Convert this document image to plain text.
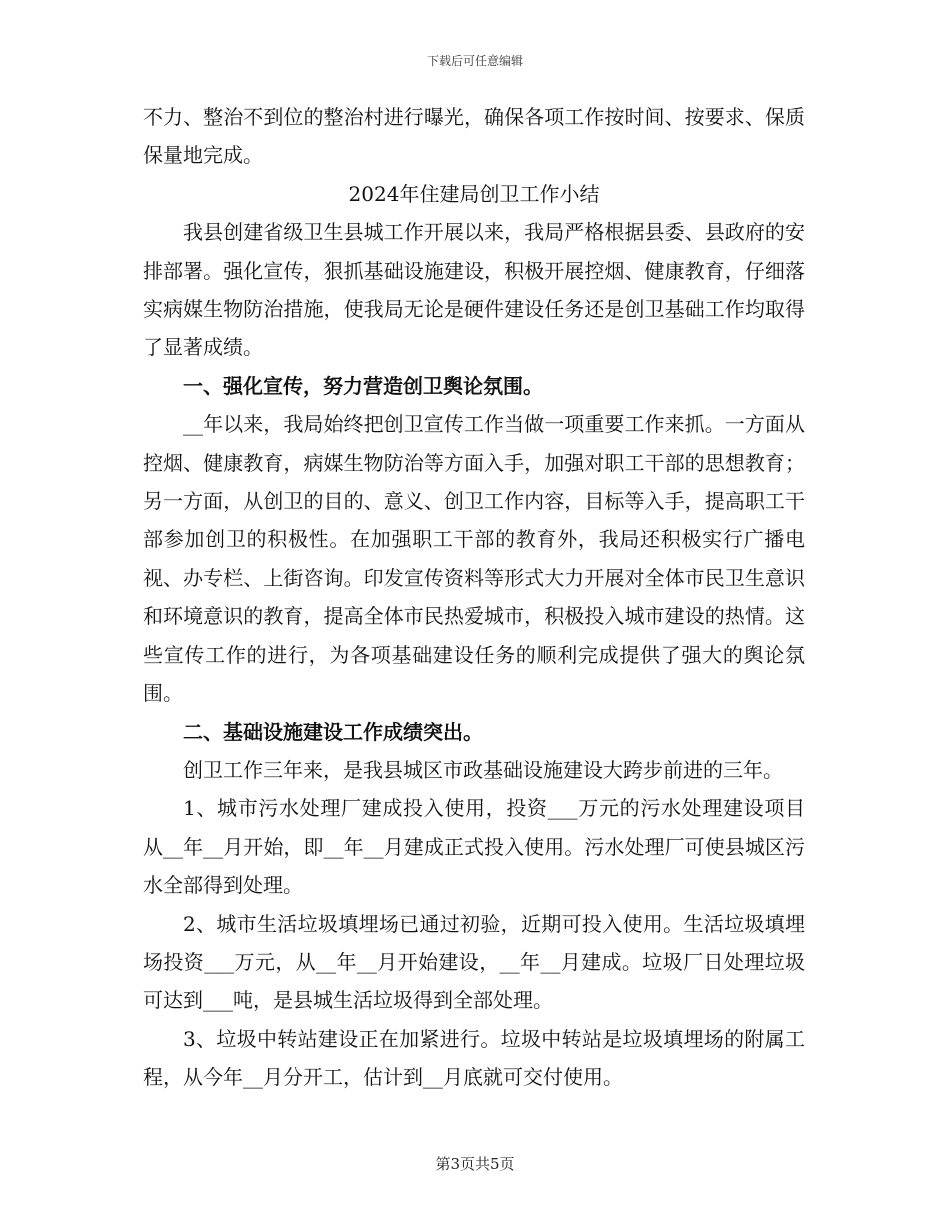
下载后可任意编辑

不力、整治不到位的整治村进行曝光，确保各项工作按时间、按要求、保质保量地完成。

2024年住建局创卫工作小结

我县创建省级卫生县城工作开展以来，我局严格根据县委、县政府的安排部署。强化宣传，狠抓基础设施建设，积极开展控烟、健康教育，仔细落实病媒生物防治措施，使我局无论是硬件建设任务还是创卫基础工作均取得了显著成绩。

一、强化宣传，努力营造创卫舆论氛围。

__年以来，我局始终把创卫宣传工作当做一项重要工作来抓。一方面从控烟、健康教育，病媒生物防治等方面入手，加强对职工干部的思想教育；另一方面，从创卫的目的、意义、创卫工作内容，目标等入手，提高职工干部参加创卫的积极性。在加强职工干部的教育外，我局还积极实行广播电视、办专栏、上街咨询。印发宣传资料等形式大力开展对全体市民卫生意识和环境意识的教育，提高全体市民热爱城市，积极投入城市建设的热情。这些宣传工作的进行，为各项基础建设任务的顺利完成提供了强大的舆论氛围。

二、基础设施建设工作成绩突出。

创卫工作三年来，是我县城区市政基础设施建设大跨步前进的三年。

1、城市污水处理厂建成投入使用，投资___万元的污水处理建设项目从__年__月开始，即__年__月建成正式投入使用。污水处理厂可使县城区污水全部得到处理。

2、城市生活垃圾填埋场已通过初验，近期可投入使用。生活垃圾填埋场投资___万元，从__年__月开始建设，__年__月建成。垃圾厂日处理垃圾可达到___吨，是县城生活垃圾得到全部处理。

3、垃圾中转站建设正在加紧进行。垃圾中转站是垃圾填埋场的附属工程，从今年__月分开工，估计到__月底就可交付使用。

第3页共5页
